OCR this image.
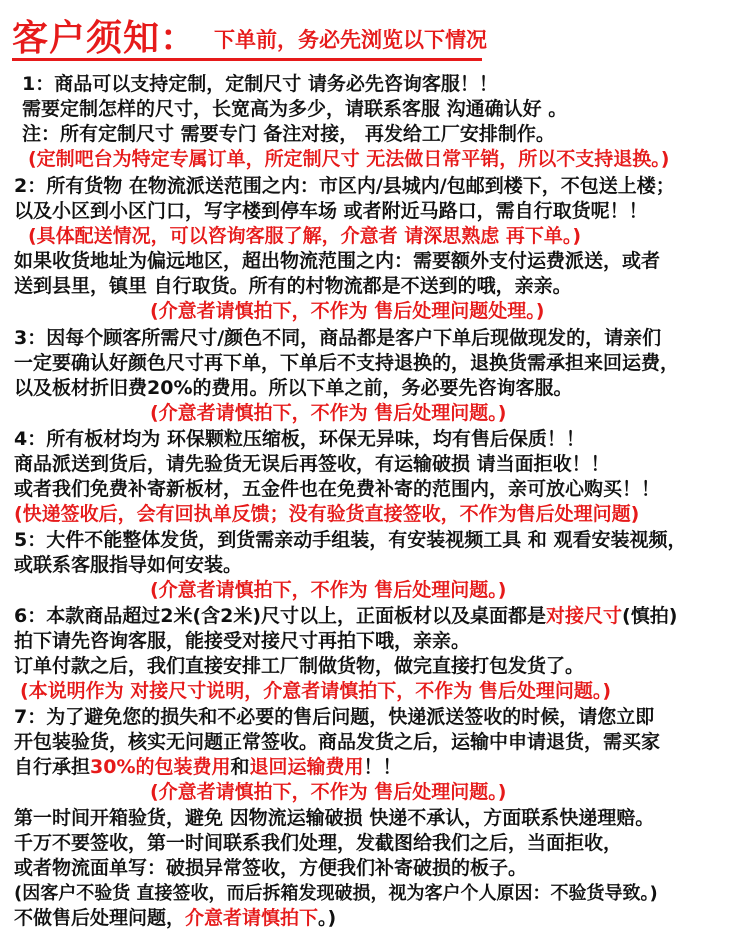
客户须知： 下单前，务必先浏览以下情况
1：商品可以支持定制，定制尺寸 请务必先咨询客服！！
需要定制怎样的尺寸，长宽高为多少，请联系客服 沟通确认好 。
注：所有定制尺寸 需要专门 备注对接， 再发给工厂安排制作。
(定制吧台为特定专属订单，所定制尺寸 无法做日常平销，所以不支持退换。)
2：所有货物 在物流派送范围之内：市区内/县城内/包邮到楼下，不包送上楼；
以及小区到小区门口，写字楼到停车场 或者附近马路口，需自行取货呢！！
(具体配送情况，可以咨询客服了解，介意者 请深思熟虑 再下单。)
如果收货地址为偏远地区，超出物流范围之内：需要额外支付运费派送，或者
送到县里，镇里 自行取货。所有的村物流都是不送到的哦，亲亲。
(介意者请慎拍下，不作为 售后处理问题处理。)
3：因每个顾客所需尺寸/颜色不同，商品都是客户下单后现做现发的，请亲们
一定要确认好颜色尺寸再下单，下单后不支持退换的，退换货需承担来回运费，
以及板材折旧费20%的费用。所以下单之前，务必要先咨询客服。
(介意者请慎拍下，不作为 售后处理问题。)
4：所有板材均为 环保颗粒压缩板，环保无异味，均有售后保质！！
商品派送到货后，请先验货无误后再签收，有运输破损 请当面拒收！！
或者我们免费补寄新板材，五金件也在免费补寄的范围内，亲可放心购买！！
(快递签收后，会有回执单反馈；没有验货直接签收，不作为售后处理问题)
5：大件不能整体发货，到货需亲动手组装，有安装视频工具 和 观看安装视频，
或联系客服指导如何安装。
(介意者请慎拍下，不作为 售后处理问题。)
6：本款商品超过2米(含2米)尺寸以上，正面板材以及桌面都是对接尺寸(慎拍)
拍下请先咨询客服，能接受对接尺寸再拍下哦，亲亲。
订单付款之后，我们直接安排工厂制做货物，做完直接打包发货了。
(本说明作为 对接尺寸说明，介意者请慎拍下，不作为 售后处理问题。)
7：为了避免您的损失和不必要的售后问题，快递派送签收的时候，请您立即
开包装验货，核实无问题正常签收。商品发货之后，运输中申请退货，需买家
自行承担30%的包装费用和退回运输费用！！
(介意者请慎拍下，不作为 售后处理问题。)
第一时间开箱验货，避免 因物流运输破损 快递不承认，方面联系快递理赔。
千万不要签收，第一时间联系我们处理，发截图给我们之后，当面拒收，
或者物流面单写：破损异常签收，方便我们补寄破损的板子。
(因客户不验货 直接签收，而后拆箱发现破损，视为客户个人原因：不验货导致。)
不做售后处理问题，介意者请慎拍下。)
